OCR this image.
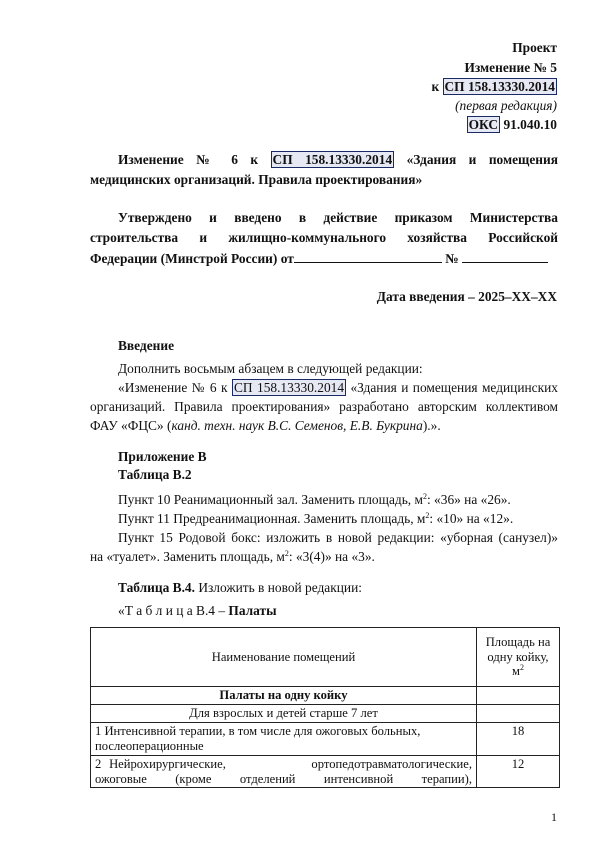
Проект
Изменение № 5
к СП 158.13330.2014
(первая редакция)
ОКС 91.040.10
Изменение № 6 к СП 158.13330.2014 «Здания и помещения
медицинских организаций. Правила проектирования»
Утверждено и введено в действие приказом Министерства
строительства и жилищно-коммунального хозяйства Российской
Федерации (Минстрой России) от	№
Дата введения – 2025–XX–XX
Введение
Дополнить восьмым абзацем в следующей редакции:
«Изменение № 6 к СП 158.13330.2014 «Здания и помещения медицинских
организаций. Правила проектирования» разработано авторским коллективом
ФАУ «ФЦС» (канд. техн. наук В.С. Семенов, Е.В. Букрина).».
Приложение В
Таблица В.2
Пункт 10 Реанимационный зал. Заменить площадь, $м^2$: «36» на «26».
Пункт 11 Предреанимационная. Заменить площадь, $м^2$: «10» на «12».
Пункт 15 Родовой бокс: изложить в новой редакции: «уборная (санузел)»
на «туалет». Заменить площадь, $м^2$: «3(4)» на «3».
Таблица В.4. Изложить в новой редакции:
«Т а б л и ц а В.4 – Палаты
Наименование помещений	Площадь на
одну койку,
$м^2$
Палаты на одну койку	
Для взрослых и детей старше 7 лет	
1 Интенсивной терапии, в том числе для ожоговых больных,
послеоперационные	18

2 Нейрохирургические,           ортопедотравматологические,
ожоговые  (кроме  отделений  интенсивной  терапии),	12
1
